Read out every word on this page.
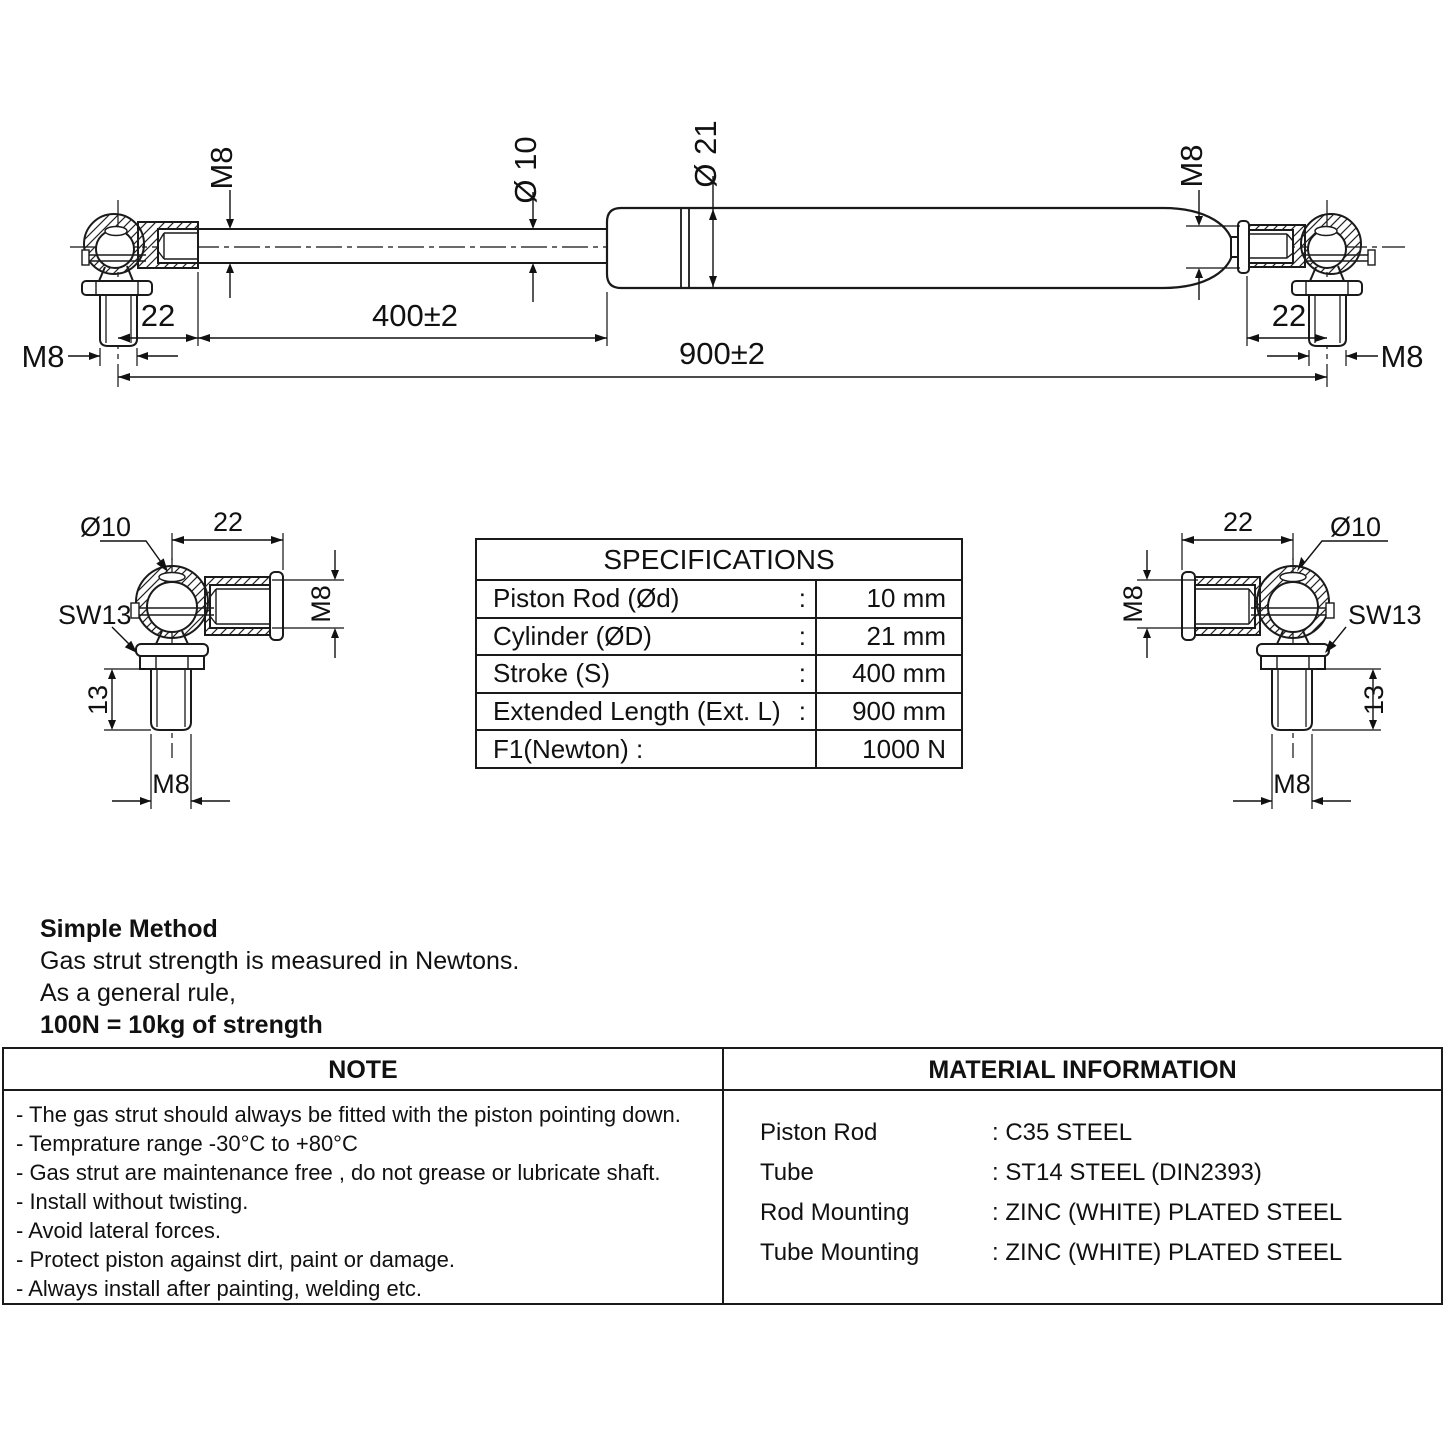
M8	Ø 10	Ø 21	M8
22	400±2	22
900±2
M8	M8
Ø10	22
SW13	M8
13
M8
22	Ø10
M8	SW13
13
M8
SPECIFICATIONS
Piston Rod (Ød)	:	10 mm
Cylinder (ØD)	:	21 mm
Stroke (S)	:	400 mm
Extended Length (Ext. L) :	900 mm
F1(Newton) :	1000 N
Simple Method
Gas strut strength is measured in Newtons.
As a general rule,
100N = 10kg of strength
NOTE	MATERIAL INFORMATION
- The gas strut should always be fitted with the piston pointing down.
- Temprature range -30°C to +80°C
- Gas strut are maintenance free , do not grease or lubricate shaft.
- Install without twisting.
- Avoid lateral forces.
- Protect piston against dirt, paint or damage.
- Always install after painting, welding etc.
Piston Rod	: C35 STEEL
Tube	: ST14 STEEL (DIN2393)
Rod Mounting	: ZINC (WHITE) PLATED STEEL
Tube Mounting	: ZINC (WHITE) PLATED STEEL
